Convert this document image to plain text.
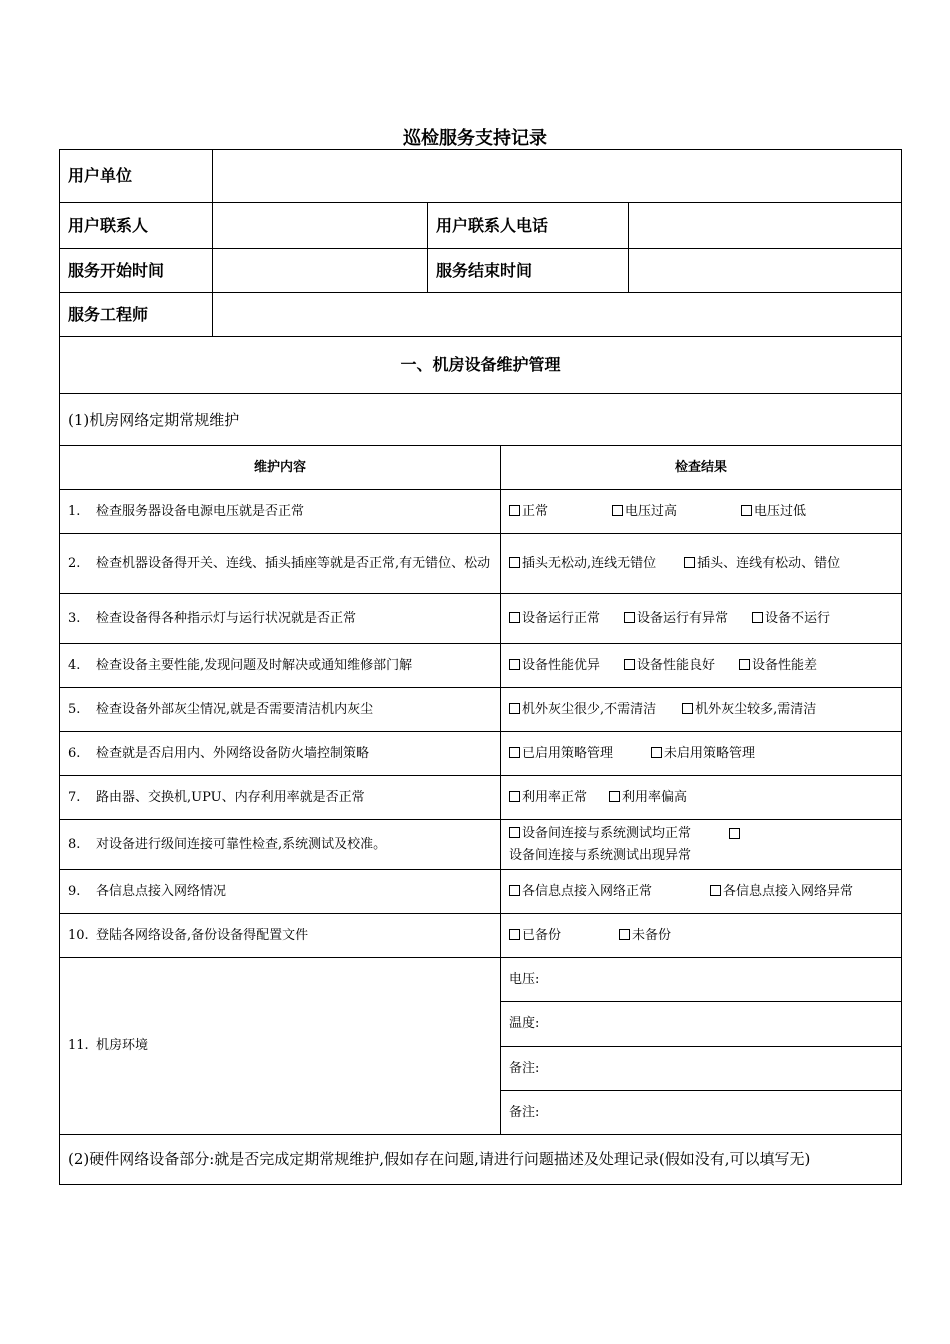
巡检服务支持记录
用户单位				
用户联系人		用户联系人电话		
服务开始时间		服务结束时间		
服务工程师				
一、机房设备维护管理				
(1)机房网络定期常规维护				
维护内容			检查结果	

1. 检查服务器设备电源电压就是否正常			正常 电压过高 电压过低	

2. 检查机器设备得开关、连线、插头插座等就是否正常,有无错位、松动			插头无松动,连线无错位 插头、连线有松动、错位	

3. 检查设备得各种指示灯与运行状况就是否正常			设备运行正常 设备运行有异常 设备不运行	

4. 检查设备主要性能,发现问题及时解决或通知维修部门解			设备性能优异 设备性能良好 设备性能差	

5. 检查设备外部灰尘情况,就是否需要清洁机内灰尘			机外灰尘很少,不需清洁 机外灰尘较多,需清洁	

6. 检查就是否启用内、外网络设备防火墙控制策略			已启用策略管理 未启用策略管理	

7. 路由器、交换机,UPU、内存利用率就是否正常			利用率正常 利用率偏高	

8. 对设备进行级间连接可靠性检查,系统测试及校准。			设备间连接与系统测试均正常
设备间连接与系统测试出现异常	

9. 各信息点接入网络情况			各信息点接入网络正常 各信息点接入网络异常	

10. 登陆各网络设备,备份设备得配置文件			已备份 未备份	

11. 机房环境			电压:	
			温度:	
			备注:	
			备注:	
(2)硬件网络设备部分:就是否完成定期常规维护,假如存在问题,请进行问题描述及处理记录(假如没有,可以填写无)				
